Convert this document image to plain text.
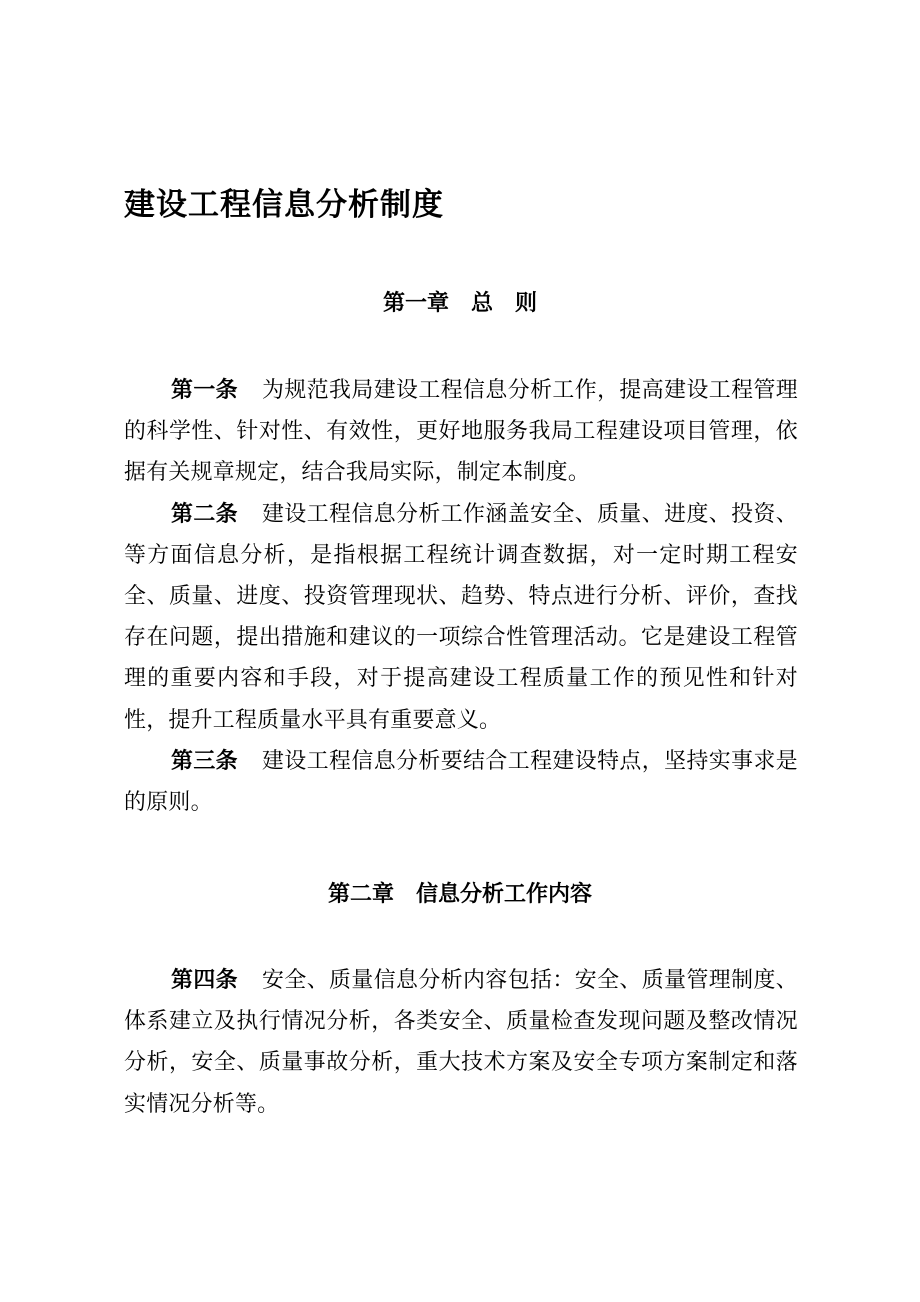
建设工程信息分析制度
第一章　总　则

第一条 为规范我局建设工程信息分析工作，提高建设工程管理的科学性、针对性、有效性，更好地服务我局工程建设项目管理，依据有关规章规定，结合我局实际，制定本制度。

第二条 建设工程信息分析工作涵盖安全、质量、进度、投资、等方面信息分析，是指根据工程统计调查数据，对一定时期工程安全、质量、进度、投资管理现状、趋势、特点进行分析、评价，查找存在问题，提出措施和建议的一项综合性管理活动。它是建设工程管理的重要内容和手段，对于提高建设工程质量工作的预见性和针对性，提升工程质量水平具有重要意义。

第三条 建设工程信息分析要结合工程建设特点，坚持实事求是的原则。

第二章　信息分析工作内容

第四条 安全、质量信息分析内容包括：安全、质量管理制度、体系建立及执行情况分析，各类安全、质量检查发现问题及整改情况分析，安全、质量事故分析，重大技术方案及安全专项方案制定和落实情况分析等。
